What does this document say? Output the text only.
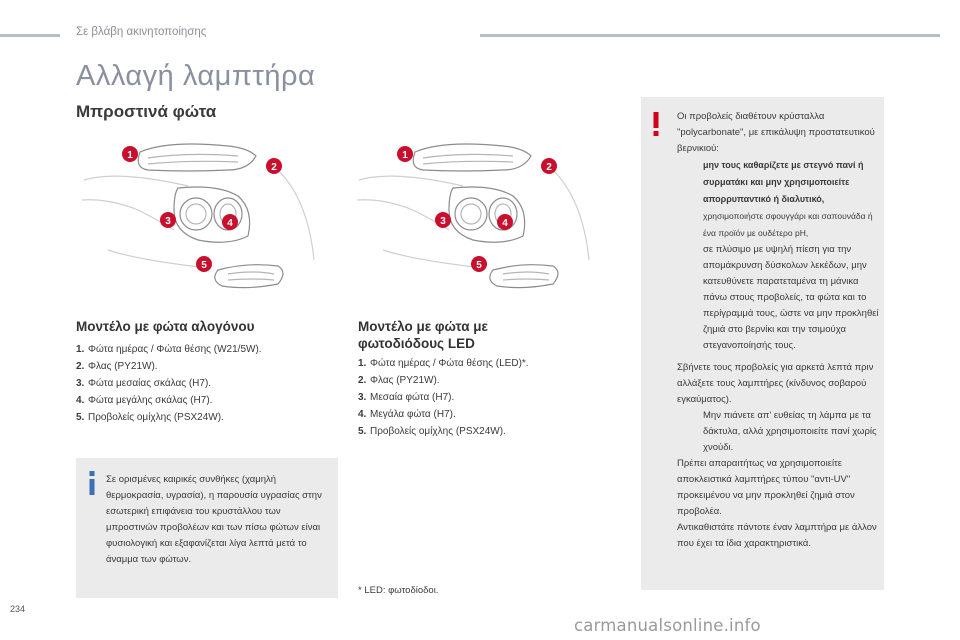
Σε βλάβη ακινητοποίησης
Αλλαγή λαμπτήρα
Μπροστινά φώτα
1
2
3	4
5
1
2
3	4
5
Μοντέλο με φώτα αλογόνου
1. Φώτα ημέρας / Φώτα θέσης (W21/5W).
2. Φλας (PY21W).
3. Φώτα μεσαίας σκάλας (H7).
4. Φώτα μεγάλης σκάλας (H7).
5. Προβολείς ομίχλης (PSX24W).
Μοντέλο με φώτα με
φωτοδιόδους LED
1. Φώτα ημέρας / Φώτα θέσης (LED)*.
2. Φλας (PY21W).
3. Μεσαία φώτα (H7).
4. Μεγάλα φώτα (H7).
5. Προβολείς ομίχλης (PSX24W).

Σε ορισμένες καιρικές συνθήκες (χαμηλή θερμοκρασία, υγρασία), η παρουσία υγρασίας στην εσωτερική επιφάνεια του κρυστάλλου των μπροστινών προβολέων και των πίσω φώτων είναι φυσιολογική και εξαφανίζεται λίγα λεπτά μετά το άναμμα των φώτων.

* LED: φωτοδίοδοι.

Οι προβολείς διαθέτουν κρύσταλλα "polycarbonate", με επικάλυψη προστατευτικού βερνικιού:

μην τους καθαρίζετε με στεγνό πανί ή συρματάκι και μην χρησιμοποιείτε απορρυπαντικό ή διαλυτικό,

χρησιμοποιήστε σφουγγάρι και σαπουνάδα ή ένα προϊόν με ουδέτερο pH,

σε πλύσιμο με υψηλή πίεση για την απομάκρυνση δύσκολων λεκέδων, μην κατευθύνετε παρατεταμένα τη μάνικα πάνω στους προβολείς, τα φώτα και το περίγραμμά τους, ώστε να μην προκληθεί ζημιά στο βερνίκι και την τσιμούχα στεγανοποίησής τους.

Σβήνετε τους προβολείς για αρκετά λεπτά πριν αλλάξετε τους λαμπτήρες (κίνδυνος σοβαρού εγκαύματος).

Μην πιάνετε απ' ευθείας τη λάμπα με τα δάκτυλα, αλλά χρησιμοποιείτε πανί χωρίς χνούδι.

Πρέπει απαραιτήτως να χρησιμοποιείτε αποκλειστικά λαμπτήρες τύπου "αντι-UV" προκειμένου να μην προκληθεί ζημιά στον προβολέα.

Αντικαθιστάτε πάντοτε έναν λαμπτήρα με άλλον που έχει τα ίδια χαρακτηριστικά.

234
carmanualsonline.info
